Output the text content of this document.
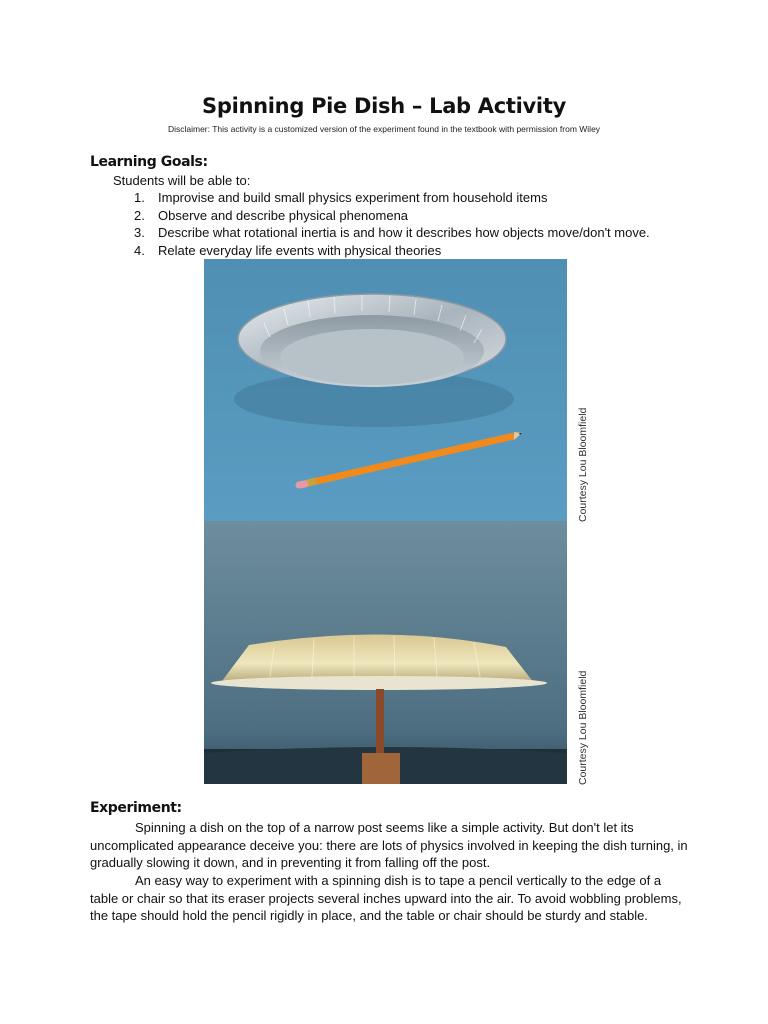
Spinning Pie Dish – Lab Activity
Disclaimer: This activity is a customized version of the experiment found in the textbook with permission from Wiley
Learning Goals:
Students will be able to:
1. Improvise and build small physics experiment from household items
2. Observe and describe physical phenomena
3. Describe what rotational inertia is and how it describes how objects move/don't move.
4. Relate everyday life events with physical theories
Courtesy Lou Bloomfield
Courtesy Lou Bloomfield
Experiment:

Spinning a dish on the top of a narrow post seems like a simple activity. But don't let its
uncomplicated appearance deceive you: there are lots of physics involved in keeping the dish turning, in
gradually slowing it down, and in preventing it from falling off the post.

An easy way to experiment with a spinning dish is to tape a pencil vertically to the edge of a
table or chair so that its eraser projects several inches upward into the air. To avoid wobbling problems,
the tape should hold the pencil rigidly in place, and the table or chair should be sturdy and stable.
